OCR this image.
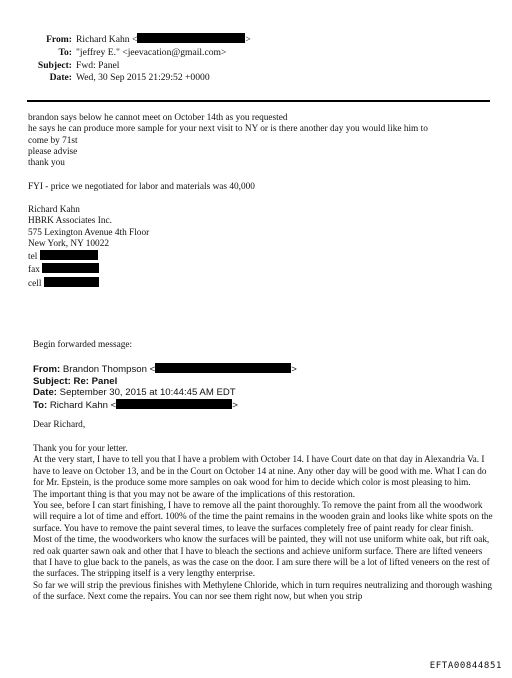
From: Richard Kahn <	>
To: "jeffrey E." <jeevacation@gmail.com>
Subject: Fwd: Panel
Date: Wed, 30 Sep 2015 21:29:52 +0000
brandon says below he cannot meet on October 14th as you requested
he says he can produce more sample for your next visit to NY or is there another day you would like him to
come by 71st
please advise
thank you
FYI - price we negotiated for labor and materials was 40,000
Richard Kahn
HBRK Associates Inc.
575 Lexington Avenue 4th Floor
New York, NY 10022
tel
fax
cell
Begin forwarded message:
From: Brandon Thompson <	>
Subject: Re: Panel
Date: September 30, 2015 at 10:44:45 AM EDT
To: Richard Kahn <	>
Dear Richard,
Thank you for your letter.
At the very start, I have to tell you that I have a problem with October 14. I have Court date on that day in Alexandria Va. I have to leave on October 13, and be in the Court on October 14 at nine. Any other day will be good with me. What I can do for Mr. Epstein, is the produce some more samples on oak wood for him to decide which color is most pleasing to him.
The important thing is that you may not be aware of the implications of this restoration.
You see, before I can start finishing, I have to remove all the paint thoroughly. To remove the paint from all the woodwork will require a lot of time and effort. 100% of the time the paint remains in the wooden grain and looks like white spots on the surface. You have to remove the paint several times, to leave the surfaces completely free of paint ready for clear finish.
Most of the time, the woodworkers who know the surfaces will be painted, they will not use uniform white oak, but rift oak, red oak quarter sawn oak and other that I have to bleach the sections and achieve uniform surface. There are lifted veneers that I have to glue back to the panels, as was the case on the door. I am sure there will be a lot of lifted veneers on the rest of the surfaces. The stripping itself is a very lengthy enterprise.
So far we will strip the previous finishes with Methylene Chloride, which in turn requires neutralizing and thorough washing of the surface. Next come the repairs. You can nor see them right now, but when you strip
EFTA00844851
